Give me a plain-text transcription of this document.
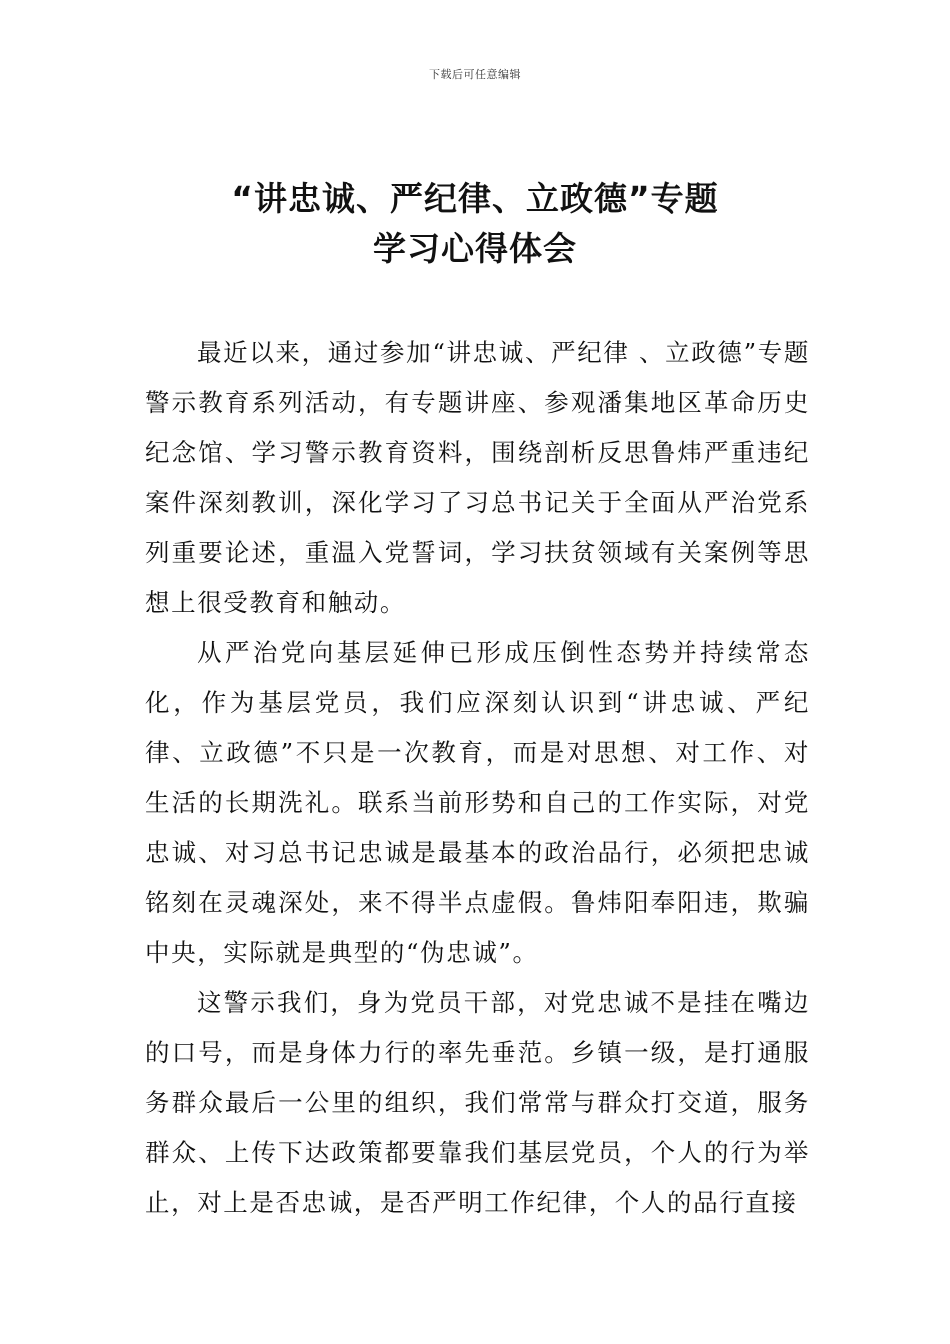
下载后可任意编辑
“讲忠诚、严纪律、立政德”专题
学习心得体会

最近以来，通过参加“讲忠诚、严纪律 、立政德”专题警示教育系列活动，有专题讲座、参观潘集地区革命历史纪念馆、学习警示教育资料，围绕剖析反思鲁炜严重违纪案件深刻教训，深化学习了习总书记关于全面从严治党系列重要论述，重温入党誓词，学习扶贫领域有关案例等思想上很受教育和触动。

从严治党向基层延伸已形成压倒性态势并持续常态化，作为基层党员，我们应深刻认识到“讲忠诚、严纪律、立政德”不只是一次教育，而是对思想、对工作、对生活的长期洗礼。联系当前形势和自己的工作实际，对党忠诚、对习总书记忠诚是最基本的政治品行，必须把忠诚铭刻在灵魂深处，来不得半点虚假。鲁炜阳奉阳违，欺骗中央，实际就是典型的“伪忠诚”。

这警示我们，身为党员干部，对党忠诚不是挂在嘴边的口号，而是身体力行的率先垂范。乡镇一级，是打通服务群众最后一公里的组织，我们常常与群众打交道，服务群众、上传下达政策都要靠我们基层党员，个人的行为举止，对上是否忠诚，是否严明工作纪律，个人的品行直接
